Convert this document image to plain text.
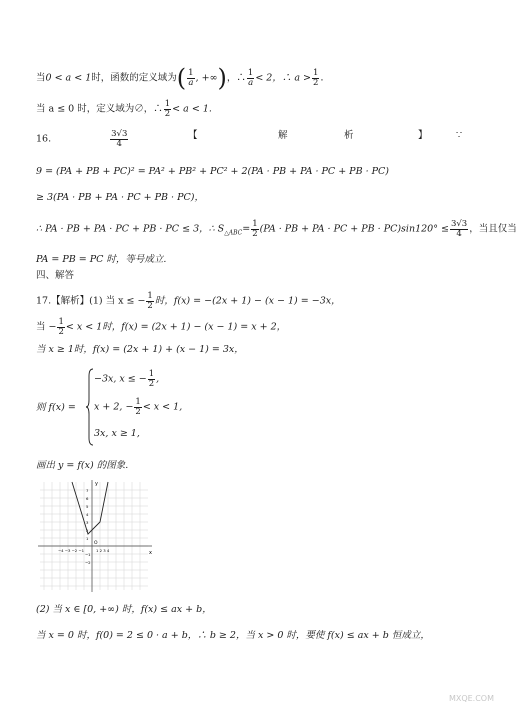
当0 < a < 1时，函数的定义域为( $\frac{1}{a}$ , +∞)，∴ $\frac{1}{a} < 2$，∴ $a > \frac{1}{2}$ ．
当 a ≤ 0 时，定义域为∅，∴ $\frac{1}{2} < a < 1$.
16.	$\frac{3√3}{4}$	【	解	析	】	∵
9 = (PA + PB + PC)² = PA² + PB² + PC² + 2(PA · PB + PA · PC + PB · PC)
≥ 3(PA · PB + PA · PC + PB · PC)，
∴ PA · PB + PA · PC + PB · PC ≤ 3，∴ $S_{\triangle ABC}= \frac{1}{2} (PA$ · PB + PA · PC + PB · $PC)\sin 120^\circ \le \frac{3√3}{4}$ ，当且仅当
PA = PB = PC 时，等号成立.
四、解答
17.【解析】(1) 当 x ≤ − $\frac{1}{2}$ 时，f(x) = −(2x + 1) − (x − 1) = −3x，
当 − $\frac{1}{2} < x < 1$时，f(x) = (2x + 1) − (x − 1) = x + 2，
当 x ≥ 1时，f(x) = (2x + 1) + (x − 1) = 3x，
则 f(x) =
−3x, x ≤ − $\frac{1}{2}$ ,
x + 2, − $\frac{1}{2} < x < 1$,
3x, x ≥ 1,
画出 y = f(x) 的图象.
x
y
O
−4 −3 −2 −1	1 2 3 4
7
6
5
4
3
2
1
−1
−2
(2) 当 x ∈ [0, +∞) 时，f(x) ≤ ax + b，
当 x = 0 时，f(0) = 2 ≤ 0 · a + b，∴ b ≥ 2，当 x > 0 时，要使 f(x) ≤ ax + b 恒成立，
MXQE.COM
